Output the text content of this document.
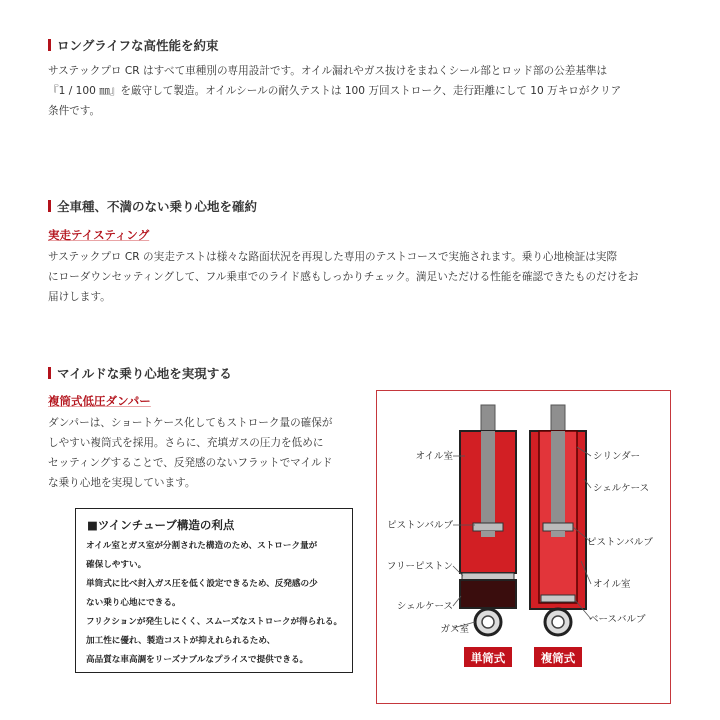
ロングライフな高性能を約束
サステックプロ CR はすべて車種別の専用設計です。オイル漏れやガス抜けをまねくシール部とロッド部の公差基準は
『1 / 100 ㎜』を厳守して製造。オイルシールの耐久テストは 100 万回ストローク、走行距離にして 10 万キロがクリア
条件です。
全車種、不満のない乗り心地を確約
実走テイスティング
サステックプロ CR の実走テストは様々な路面状況を再現した専用のテストコースで実施されます。乗り心地検証は実際
にローダウンセッティングして、フル乗車でのライド感もしっかりチェック。満足いただける性能を確認できたものだけをお
届けします。
マイルドな乗り心地を実現する
複筒式低圧ダンパー
ダンパーは、ショートケース化してもストローク量の確保が
しやすい複筒式を採用。さらに、充填ガスの圧力を低めに
セッティングすることで、反発感のないフラットでマイルド
な乗り心地を実現しています。
■ツインチューブ構造の利点
オイル室とガス室が分割された構造のため、ストローク量が
確保しやすい。
単筒式に比べ封入ガス圧を低く設定できるため、反発感の少
ない乗り心地にできる。
フリクションが発生しにくく、スムーズなストロークが得られる。
加工性に優れ、製造コストが抑えれられるため、
高品質な車高調をリーズナブルなプライスで提供できる。
オイル室
ピストンバルブ
フリーピストン
シェルケース
ガス室
シリンダー
シェルケース
ピストンバルブ
オイル室
ベースバルブ
単筒式	複筒式
